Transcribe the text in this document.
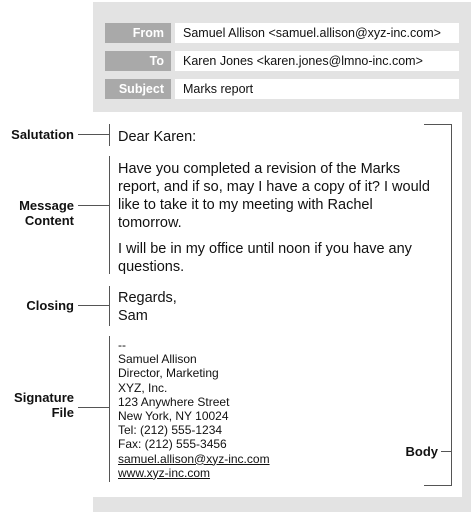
From	Samuel Allison <samuel.allison@xyz-inc.com>
To	Karen Jones <karen.jones@lmno-inc.com>
Subject	Marks report
Dear Karen:
Have you completed a revision of the Marks
report, and if so, may I have a copy of it? I would
like to take it to my meeting with Rachel
tomorrow.
I will be in my office until noon if you have any
questions.
Regards,
Sam
--
Samuel Allison
Director, Marketing
XYZ, Inc.
123 Anywhere Street
New York, NY 10024
Tel: (212) 555-1234
Fax: (212) 555-3456
samuel.allison@xyz-inc.com
www.xyz-inc.com
Salutation
Message
Content
Closing
Signature
File
Body
